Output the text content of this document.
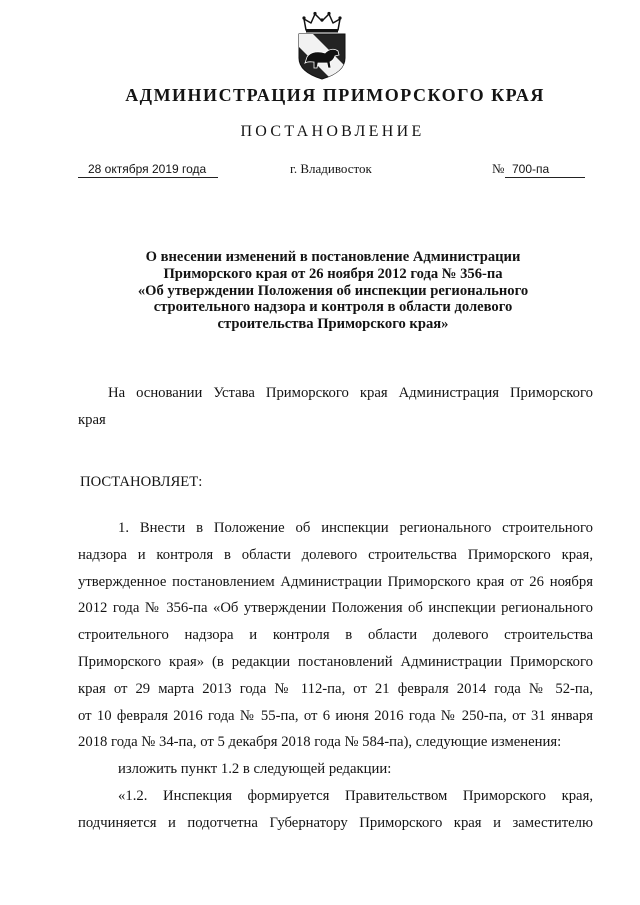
АДМИНИСТРАЦИЯ ПРИМОРСКОГО КРАЯ
ПОСТАНОВЛЕНИЕ
28 октября 2019 года	г. Владивосток	№ 700-па
О внесении изменений в постановление Администрации
Приморского края от 26 ноября 2012 года № 356-па
«Об утверждении Положения об инспекции регионального
строительного надзора и контроля в области долевого
строительства Приморского края»
На основании Устава Приморского края Администрация Приморского
края
ПОСТАНОВЛЯЕТ:
1. Внести в Положение об инспекции регионального строительного
надзора и контроля в области долевого строительства Приморского края,
утвержденное постановлением Администрации Приморского края от 26 ноября
2012 года № 356-па «Об утверждении Положения об инспекции регионального
строительного надзора и контроля в области долевого строительства
Приморского края» (в редакции постановлений Администрации Приморского
края от 29 марта 2013 года № 112-па, от 21 февраля 2014 года № 52-па,
от 10 февраля 2016 года № 55-па, от 6 июня 2016 года № 250-па, от 31 января
2018 года № 34-па, от 5 декабря 2018 года № 584-па), следующие изменения:
изложить пункт 1.2 в следующей редакции:
«1.2. Инспекция формируется Правительством Приморского края,
подчиняется и подотчетна Губернатору Приморского края и заместителю
